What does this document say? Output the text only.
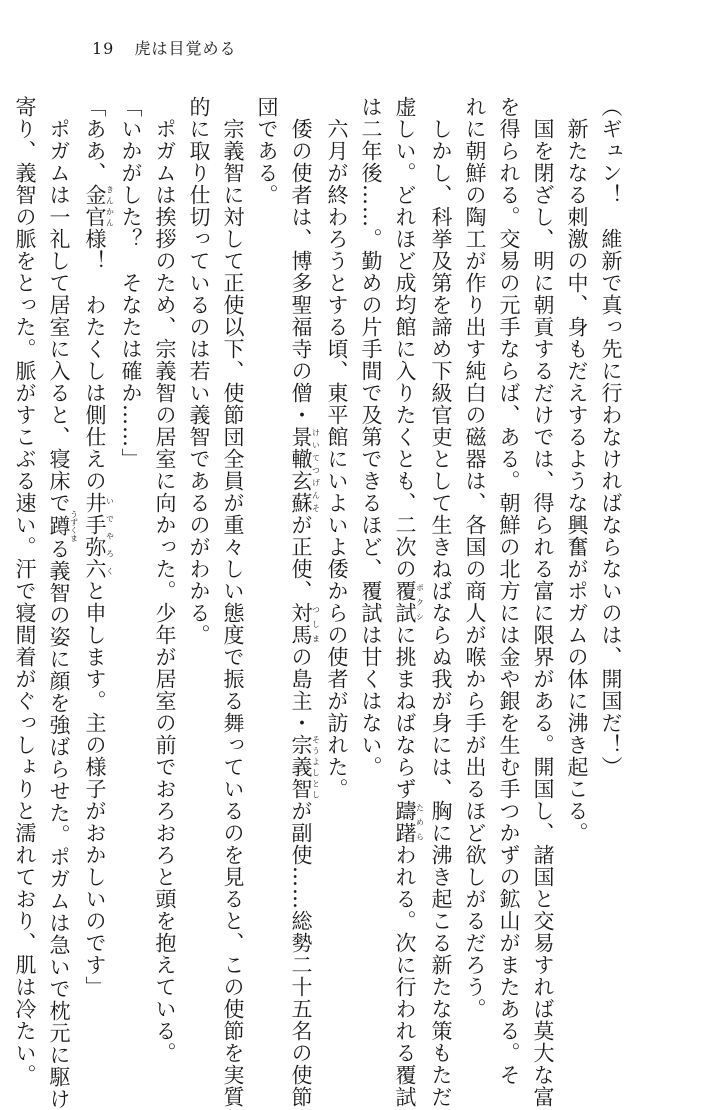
19 虎は目覚める
（ギュン！　維新で真っ先に行わなければならないのは、開国だ！）
　新たなる刺激の中、身もだえするような興奮がポガムの体に沸き起こる。
　国を閉ざし、明に朝貢するだけでは、得られる富に限界がある。開国し、諸国と交易すれば莫大な富
を得られる。交易の元手ならば、ある。朝鮮の北方には金や銀を生む手つかずの鉱山がまたある。そ
れに朝鮮の陶工が作り出す純白の磁器は、各国の商人が喉から手が出るほど欲しがるだろう。
　しかし、科挙及第を諦め下級官吏として生きねばならぬ我が身には、胸に沸き起こる新たな策もただ
虚しい。どれほど成均館に入りたくとも、二次の覆試ポクシに挑まねばならず躊躇ためらわれる。次に行われる覆試
は二年後……。勤めの片手間で及第できるほど、覆試は甘くはない。
　六月が終わろうとする頃、東平館にいよいよ倭からの使者が訪れた。
　倭の使者は、博多聖福寺の僧・景轍玄蘇けいてつげんそが正使、対馬つしまの島主・宗義智そうよしとしが副使……総勢二十五名の使節
団である。
　宗義智に対して正使以下、使節団全員が重々しい態度で振る舞っているのを見ると、この使節を実質
的に取り仕切っているのは若い義智であるのがわかる。
　ポガムは挨拶のため、宗義智の居室に向かった。少年が居室の前でおろおろと頭を抱えている。
「いかがした？　そなたは確か……」
「ああ、金官きんかん様！　わたくしは側仕えの井手弥六いでやろくと申します。主の様子がおかしいのです」
　ポガムは一礼して居室に入ると、寝床で蹲うずくまる義智の姿に顔を強ばらせた。ポガムは急いで枕元に駆け
寄り、義智の脈をとった。脈がすこぶる速い。汗で寝間着がぐっしょりと濡れており、肌は冷たい。
